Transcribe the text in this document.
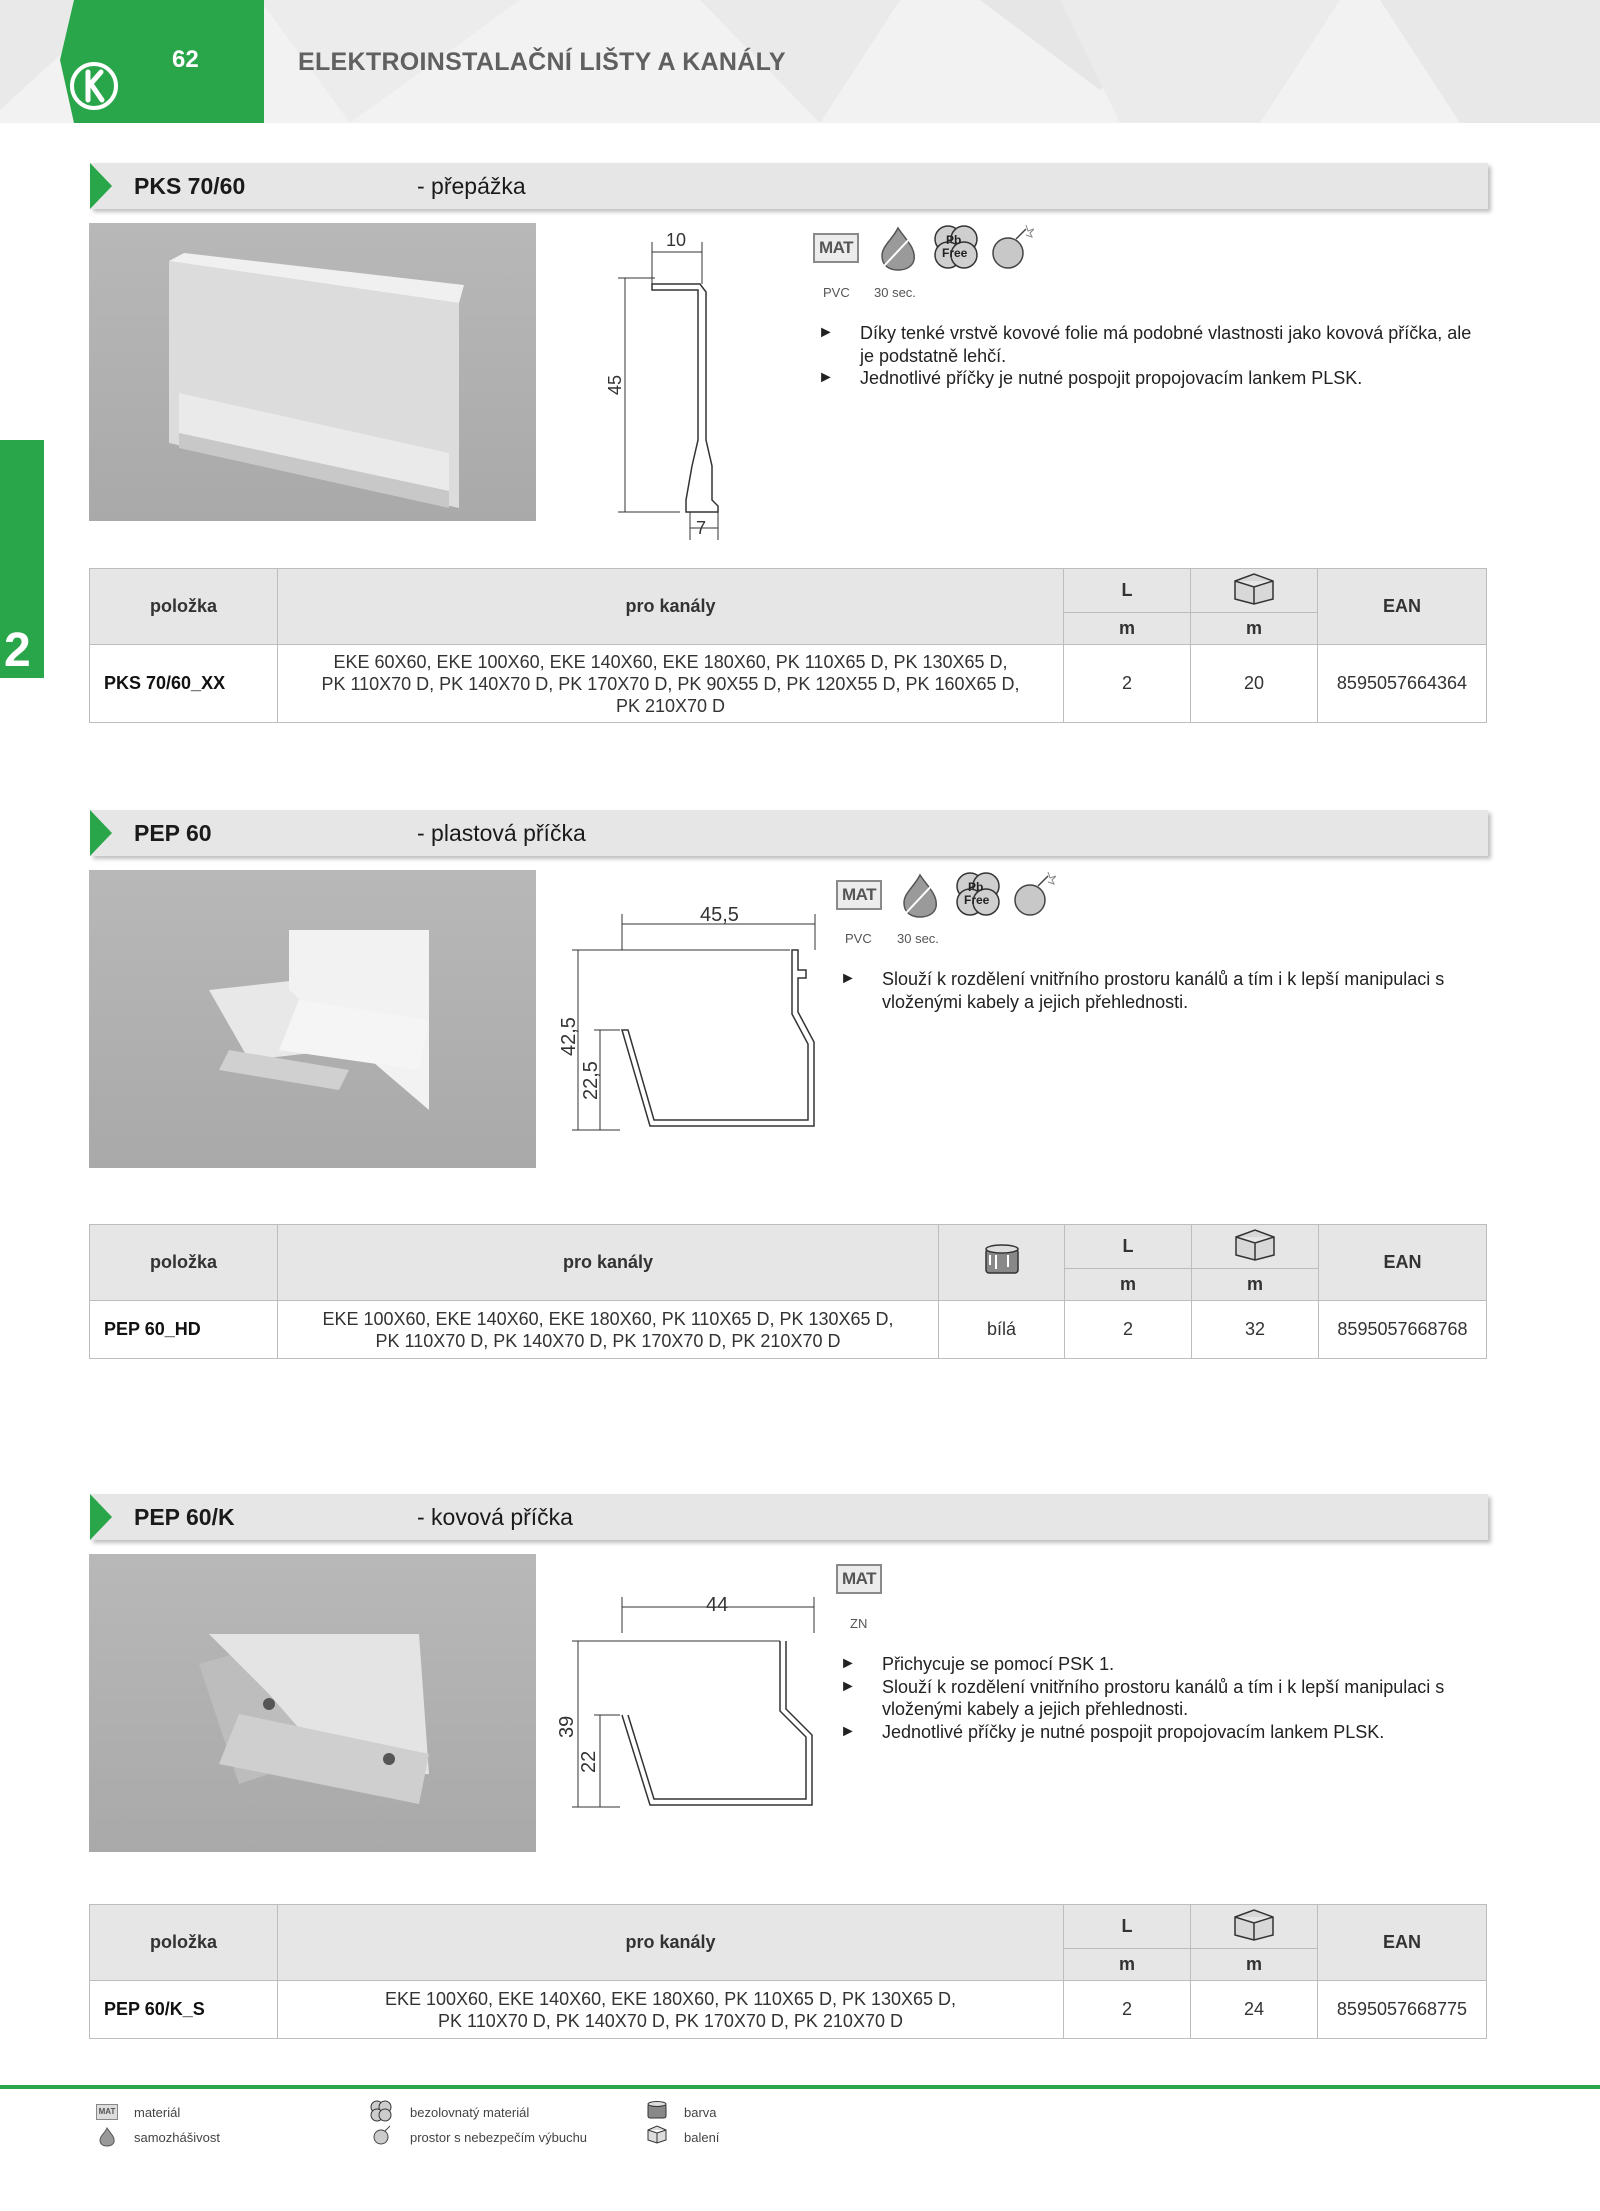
62	ELEKTROINSTALAČNÍ LIŠTY A KANÁLY
2
PKS 70/60	- přepážka
10
45
7
MAT	Pb
Free
PVC 30 sec.
► Díky tenké vrstvě kovové folie má podobné vlastnosti jako kovová příčka, ale je podstatně lehčí.
► Jednotlivé příčky je nutné pospojit propojovacím lankem PLSK.
položka	pro kanály	L		EAN
		m	m	
PKS 70/60_XX	EKE 60X60, EKE 100X60, EKE 140X60, EKE 180X60, PK 110X65 D, PK 130X65 D,
PK 110X70 D, PK 140X70 D, PK 170X70 D, PK 90X55 D, PK 120X55 D, PK 160X65 D,
PK 210X70 D	2	20	8595057664364
PEP 60	- plastová příčka
45,5
42,5
22,5
MAT	Pb
Free
PVC 30 sec.
► Slouží k rozdělení vnitřního prostoru kanálů a tím i k lepší manipulaci s vloženými kabely a jejich přehlednosti.
položka	pro kanály		L		EAN
			m	m	
PEP 60_HD	EKE 100X60, EKE 140X60, EKE 180X60, PK 110X65 D, PK 130X65 D,
PK 110X70 D, PK 140X70 D, PK 170X70 D, PK 210X70 D	bílá	2	32	8595057668768
PEP 60/K	- kovová příčka
44
39
22
MAT
ZN
► Přichycuje se pomocí PSK 1.
► Slouží k rozdělení vnitřního prostoru kanálů a tím i k lepší manipulaci s vloženými kabely a jejich přehlednosti.
► Jednotlivé příčky je nutné pospojit propojovacím lankem PLSK.
položka	pro kanály	L		EAN
		m	m	
PEP 60/K_S	EKE 100X60, EKE 140X60, EKE 180X60, PK 110X65 D, PK 130X65 D,
PK 110X70 D, PK 140X70 D, PK 170X70 D, PK 210X70 D	2	24	8595057668775
MAT materiál
samozhášivost
bezolovnatý materiál
prostor s nebezpečím výbuchu
barva
balení
